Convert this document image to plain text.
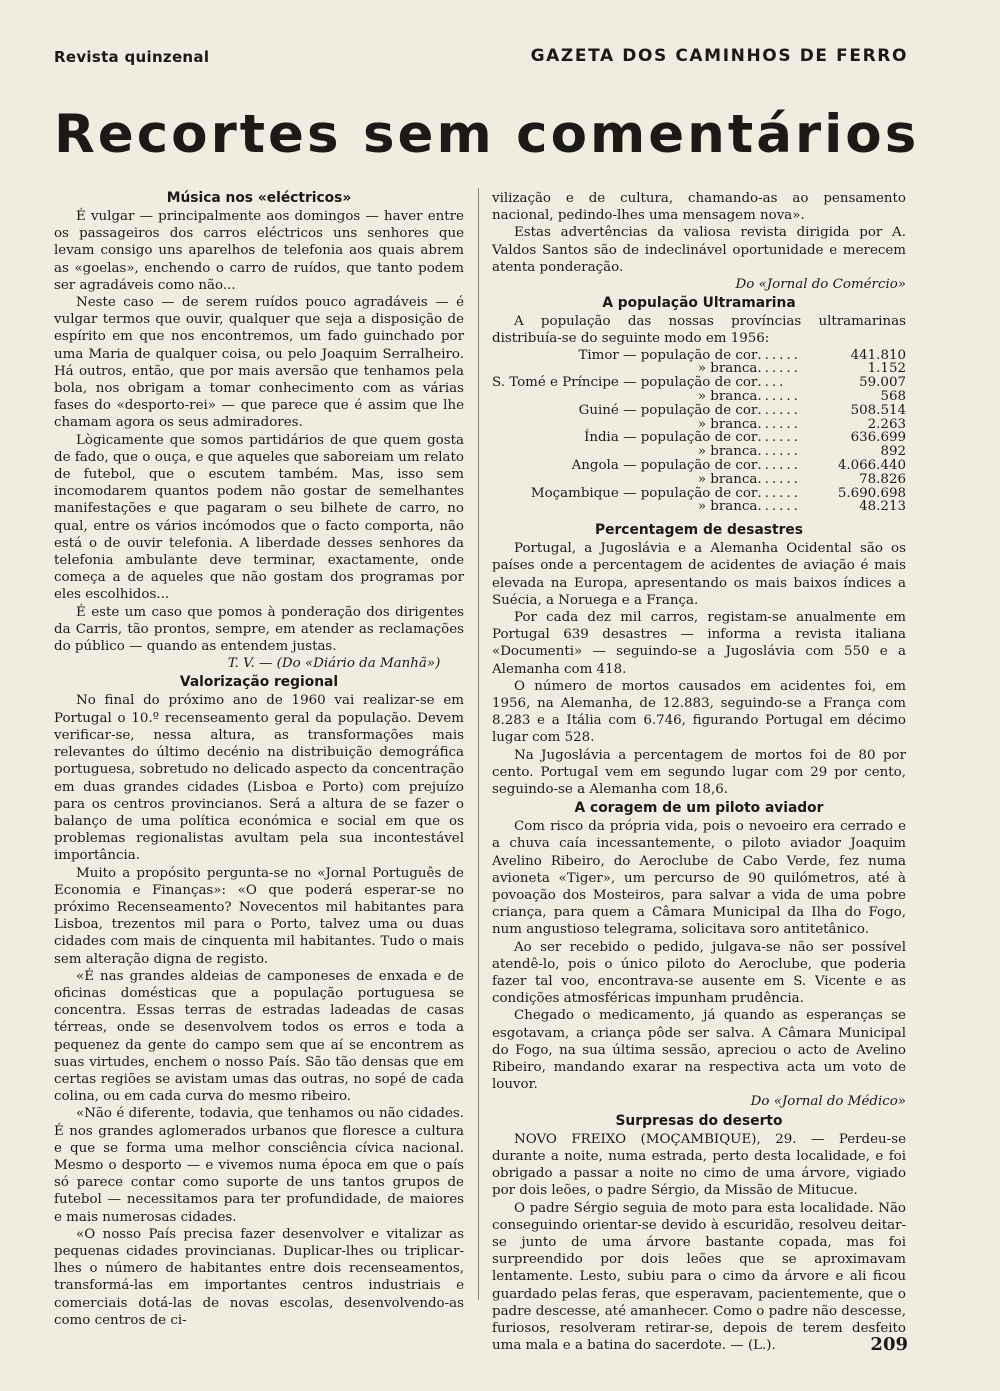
Revista quinzenal	GAZETA DOS CAMINHOS DE FERRO
Recortes sem comentários
Música nos «eléctricos»

É vulgar — principalmente aos domingos — haver entre os passageiros dos carros eléctricos uns senhores que levam consigo uns aparelhos de telefonia aos quais abrem as «goelas», enchendo o carro de ruídos, que tanto podem ser agradáveis como não...

Neste caso — de serem ruídos pouco agradáveis — é vulgar termos que ouvir, qualquer que seja a disposição de espírito em que nos encontremos, um fado guinchado por uma Maria de qualquer coisa, ou pelo Joaquim Serralheiro. Há outros, então, que por mais aversão que tenhamos pela bola, nos obrigam a tomar conhecimento com as várias fases do «desporto-rei» — que parece que é assim que lhe chamam agora os seus admiradores.

Lògicamente que somos partidários de que quem gosta de fado, que o ouça, e que aqueles que saboreiam um relato de futebol, que o escutem também. Mas, isso sem incomodarem quantos podem não gostar de semelhantes manifestações e que pagaram o seu bilhete de carro, no qual, entre os vários incómodos que o facto comporta, não está o de ouvir telefonia. A liberdade desses senhores da telefonia ambulante deve terminar, exactamente, onde começa a de aqueles que não gostam dos programas por eles escolhidos...

É este um caso que pomos à ponderação dos dirigentes da Carris, tão prontos, sempre, em atender as reclamações do público — quando as entendem justas.

T. V. — (Do «Diário da Manhã»)

Valorização regional

No final do próximo ano de 1960 vai realizar-se em Portugal o 10.º recenseamento geral da população. Devem verificar-se, nessa altura, as transformações mais relevantes do último decénio na distribuição demográfica portuguesa, sobretudo no delicado aspecto da concentração em duas grandes cidades (Lisboa e Porto) com prejuízo para os centros provincianos. Será a altura de se fazer o balanço de uma política económica e social em que os problemas regionalistas avultam pela sua incontestável importância.

Muito a propósito pergunta-se no «Jornal Português de Economia e Finanças»: «O que poderá esperar-se no próximo Recenseamento? Novecentos mil habitantes para Lisboa, trezentos mil para o Porto, talvez uma ou duas cidades com mais de cinquenta mil habitantes. Tudo o mais sem alteração digna de registo.

«É nas grandes aldeias de camponeses de enxada e de oficinas domésticas que a população portuguesa se concentra. Essas terras de estradas ladeadas de casas térreas, onde se desenvolvem todos os erros e toda a pequenez da gente do campo sem que aí se encontrem as suas virtudes, enchem o nosso País. São tão densas que em certas regiões se avistam umas das outras, no sopé de cada colina, ou em cada curva do mesmo ribeiro.

«Não é diferente, todavia, que tenhamos ou não cidades. É nos grandes aglomerados urbanos que floresce a cultura e que se forma uma melhor consciência cívica nacional. Mesmo o desporto — e vivemos numa época em que o país só parece contar como suporte de uns tantos grupos de futebol — necessitamos para ter profundidade, de maiores e mais numerosas cidades.

«O nosso País precisa fazer desenvolver e vitalizar as pequenas cidades provincianas. Duplicar-lhes ou triplicar-lhes o número de habitantes entre dois recenseamentos, transformá-las em importantes centros industriais e comerciais dotá-las de novas escolas, desenvolvendo-as como centros de ci-

vilização e de cultura, chamando-as ao pensamento nacional, pedindo-lhes uma mensagem nova».

Estas advertências da valiosa revista dirigida por A. Valdos Santos são de indeclinável oportunidade e merecem atenta ponderação.

Do «Jornal do Comércio»

A população Ultramarina

A população das nossas províncias ultramarinas distribuía-se do seguinte modo em 1956:

Timor — população de cor	......	441.810
» branca	......	1.152
S. Tomé e Príncipe — população de cor	....	59.007
» branca	......	568
Guiné — população de cor	......	508.514
» branca	......	2.263
Índia — população de cor	......	636.699
» branca	......	892
Angola — população de cor	......	4.066.440
» branca	......	78.826
Moçambique — população de cor	......	5.690.698
» branca	......	48.213
Percentagem de desastres

Portugal, a Jugoslávia e a Alemanha Ocidental são os países onde a percentagem de acidentes de aviação é mais elevada na Europa, apresentando os mais baixos índices a Suécia, a Noruega e a França.

Por cada dez mil carros, registam-se anualmente em Portugal 639 desastres — informa a revista italiana «Documenti» — seguindo-se a Jugoslávia com 550 e a Alemanha com 418.

O número de mortos causados em acidentes foi, em 1956, na Alemanha, de 12.883, seguindo-se a França com 8.283 e a Itália com 6.746, figurando Portugal em décimo lugar com 528.

Na Jugoslávia a percentagem de mortos foi de 80 por cento. Portugal vem em segundo lugar com 29 por cento, seguindo-se a Alemanha com 18,6.

A coragem de um piloto aviador

Com risco da própria vida, pois o nevoeiro era cerrado e a chuva caía incessantemente, o piloto aviador Joaquim Avelino Ribeiro, do Aeroclube de Cabo Verde, fez numa avioneta «Tiger», um percurso de 90 quilómetros, até à povoação dos Mosteiros, para salvar a vida de uma pobre criança, para quem a Câmara Municipal da Ilha do Fogo, num angustioso telegrama, solicitava soro antitetânico.

Ao ser recebido o pedido, julgava-se não ser possível atendê-lo, pois o único piloto do Aeroclube, que poderia fazer tal voo, encontrava-se ausente em S. Vicente e as condições atmosféricas impunham prudência.

Chegado o medicamento, já quando as esperanças se esgotavam, a criança pôde ser salva. A Câmara Municipal do Fogo, na sua última sessão, apreciou o acto de Avelino Ribeiro, mandando exarar na respectiva acta um voto de louvor.

Do «Jornal do Médico»

Surpresas do deserto

NOVO FREIXO (MOÇAMBIQUE), 29. — Perdeu-se durante a noite, numa estrada, perto desta localidade, e foi obrigado a passar a noite no cimo de uma árvore, vigiado por dois leões, o padre Sérgio, da Missão de Mitucue.

O padre Sérgio seguia de moto para esta localidade. Não conseguindo orientar-se devido à escuridão, resolveu deitar-se junto de uma árvore bastante copada, mas foi surpreendido por dois leões que se aproximavam lentamente. Lesto, subiu para o cimo da árvore e ali ficou guardado pelas feras, que esperavam, pacientemente, que o padre descesse, até amanhecer. Como o padre não descesse, furiosos, resolveram retirar-se, depois de terem desfeito uma mala e a batina do sacerdote. — (L.).	209
